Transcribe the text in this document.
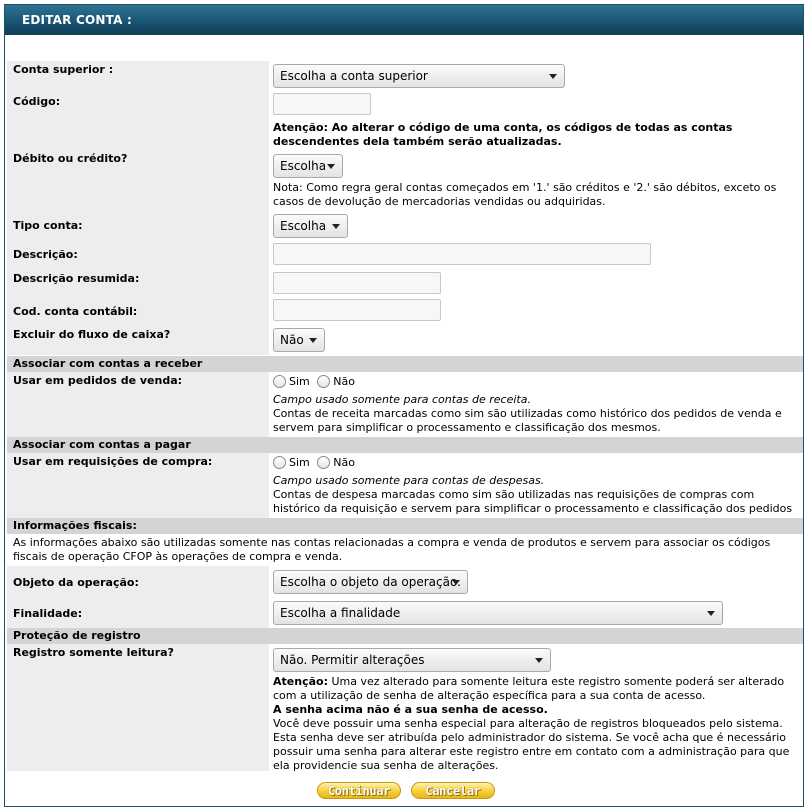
EDITAR CONTA :
Conta superior :	Escolha a conta superior
Código:
Atenção: Ao alterar o código de uma conta, os códigos de todas as contas descendentes dela também serão atualizadas.
Débito ou crédito?
Escolha
Nota: Como regra geral contas começados em '1.' são créditos e '2.' são débitos, exceto os casos de devolução de mercadorias vendidas ou adquiridas.
Tipo conta:	Escolha
Descrição:
Descrição resumida:
Cod. conta contábil:
Excluir do fluxo de caixa?	Não
Associar com contas a receber
Usar em pedidos de venda:	Sim Não
Campo usado somente para contas de receita.
Contas de receita marcadas como sim são utilizadas como histórico dos pedidos de venda e servem para simplificar o processamento e classificação dos mesmos.
Associar com contas a pagar
Usar em requisições de compra:	Sim Não
Campo usado somente para contas de despesas.
Contas de despesa marcadas como sim são utilizadas nas requisições de compras com histórico da requisição e servem para simplificar o processamento e classificação dos pedidos
Informações fiscais:
As informações abaixo são utilizadas somente nas contas relacionadas a compra e venda de produtos e servem para associar os códigos fiscais de operação CFOP às operações de compra e venda.
Objeto da operação:	Escolha o objeto da operação.
Finalidade:	Escolha a finalidade
Proteção de registro
Registro somente leitura?
Não. Permitir alterações
Atenção: Uma vez alterado para somente leitura este registro somente poderá ser alterado com a utilização de senha de alteração específica para a sua conta de acesso.
A senha acima não é a sua senha de acesso.
Você deve possuir uma senha especial para alteração de registros bloqueados pelo sistema. Esta senha deve ser atribuída pelo administrador do sistema. Se você acha que é necessário possuir uma senha para alterar este registro entre em contato com a administração para que ela providencie sua senha de alterações.
Continuar	Cancelar
